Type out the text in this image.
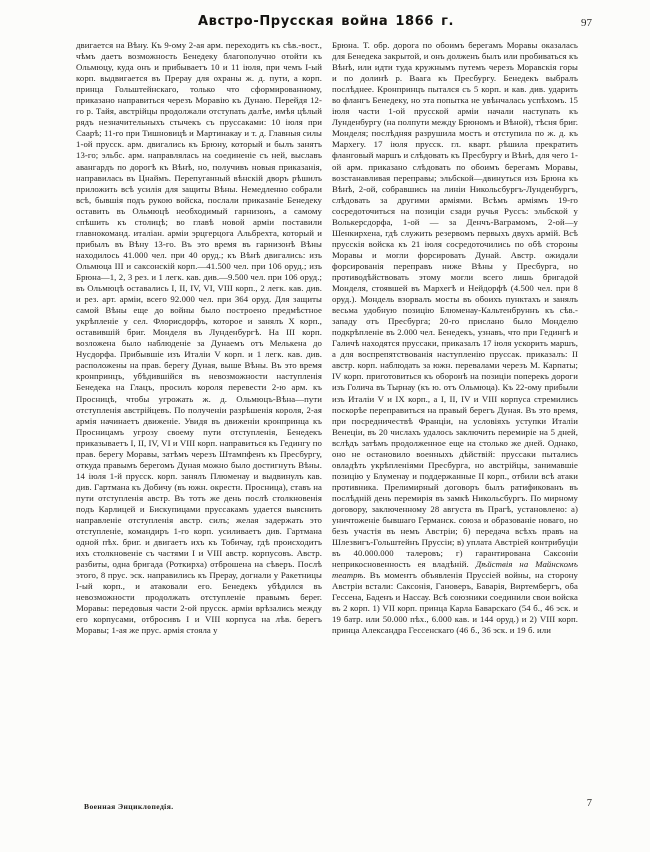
Австро-Прусская война 1866 г.	97
двигается на Вѣну. Къ 9-ому 2-ая арм. переходитъ къ сѣв.-вост., чѣмъ даетъ возможность Бенедеку благополучно отойти къ Ольмюцу, куда онъ и прибываетъ 10 и 11 іюля, при чемъ I-ый корп. выдвигается въ Прерау для охраны ж. д. пути, а корп. принца Гольштейнскаго, только что сформированному, приказано направиться черезъ Моравію къ Дунаю. Перейдя 12-го р. Тайя, австрійцы продолжали отступать далѣе, имѣя цѣлый рядъ незначительныхъ стычекъ съ пруссаками: 10 іюля при Саарѣ; 11-го при Тишновицѣ и Мартинакау и т. д. Главныя силы 1-ой прусск. арм. двигались къ Брюну, который и былъ занятъ 13-го; эльбс. арм. направлялась на соединеніе съ ней, выславъ авангардъ по дорогѣ къ Вѣнѣ, но, получивъ новыя приказанія, направилась въ Цнаймъ. Перепуганный вѣнскій дворъ рѣшилъ приложить всѣ усилія для защиты Вѣны. Немедленно собрали всѣ, бывшія подъ рукою войска, послали приказаніе Бенедеку оставить въ Ольмюцѣ необходимый гарнизонъ, а самому спѣшить къ столицѣ; во главѣ новой арміи поставили главнокоманд. италіан. арміи эрцгерцога Альбрехта, который и прибылъ въ Вѣну 13-го. Въ это время въ гарнизонѣ Вѣны находилось 41.000 чел. при 40 оруд.; къ Вѣнѣ двигались: изъ Ольмюца III и саксонскій корп.—41.500 чел. при 106 оруд.; изъ Брюна—1, 2, 3 рез. и 1 легк. кав. див.—9.500 чел. при 106 оруд.; въ Ольмюцѣ оставались I, II, IV, VI, VIII корп., 2 легк. кав. див. и рез. арт. арміи, всего 92.000 чел. при 364 оруд. Для защиты самой Вѣны еще до войны было построено предмѣстное укрѣпленіе у сел. Флорисдорфъ, которое и занялъ X корп., оставившій бриг. Монделя въ Лунденбургѣ. На III корп. возложена было наблюденіе за Дунаемъ отъ Мелькена до Нусдорфа. Прибывшіе изъ Италіи V корп. и 1 легк. кав. див. расположены на прав. берегу Дуная, выше Вѣны. Въ это время кронпринцъ, убѣдившійся въ невозможности наступленія Бенедека на Глацъ, просилъ короля перевести 2-ю арм. къ Просницѣ, чтобы угрожать ж. д. Ольмюцъ-Вѣна—пути отступленія австрійцевъ. По полученіи разрѣшенія короля, 2-ая армія начинаетъ движеніе. Увидя въ движеніи кронпринца къ Просницамъ угрозу своему пути отступленія, Бенедекъ приказываетъ I, II, IV, VI и VIII корп. направиться къ Гедингу по прав. берегу Моравы, затѣмъ черезъ Штампфенъ къ Пресбургу, откуда правымъ берегомъ Дуная можно было достигнуть Вѣны. 14 іюля 1-й прусск. корп. занялъ Плюменау и выдвинулъ кав. див. Гартмана къ Добичу (въ южн. окрестн. Просница), ставъ на пути отступленія австр. Въ тотъ же день послѣ столкновенія подъ Карлицей и Бискупицами пруссакамъ удается выяснить направленіе отступленія австр. силъ; желая задержать это отступленіе, командиръ 1-го корп. усиливаетъ див. Гартмана одной пѣх. бриг. и двигаетъ ихъ къ Тобичау, гдѣ происходитъ ихъ столкновеніе съ частями I и VIII австр. корпусовъ. Австр. разбиты, одна бригада (Роткирха) отброшена на сѣверъ. Послѣ этого, 8 прус. эск. направились къ Прерау, догнали у Ракетницы I-ый корп., и атаковали его. Бенедекъ убѣдился въ невозможности продолжать отступленіе правымъ берег. Моравы: передовыя части 2-ой прусск. арміи врѣзались между его корпусами, отбросивъ I и VIII корпуса на лѣв. берегъ Моравы; 1-ая же прус. армія стояла у
Брюна. Т. обр. дорога по обоимъ берегамъ Моравы оказалась для Бенедека закрытой, и онъ долженъ былъ или пробиваться къ Вѣнѣ, или идти туда кружнымъ путемъ черезъ Моравскія горы и по долинѣ р. Ваага къ Пресбургу. Бенедекъ выбралъ послѣднее. Кронпринцъ пытался съ 5 корп. и кав. див. ударить во флангъ Бенедеку, но эта попытка не увѣнчалась успѣхомъ. 15 іюля части 1-ой прусской арміи начали наступать къ Лунденбургу (на полпути между Брюномъ и Вѣной), тѣсня бриг. Монделя; послѣдняя разрушила мостъ и отступила по ж. д. къ Мархегу. 17 іюля прусск. гл. кварт. рѣшила прекратить фланговый маршъ и слѣдовать къ Пресбургу и Вѣнѣ, для чего 1-ой арм. приказано слѣдовать по обоимъ берегамъ Моравы, возстанавливая переправы; эльбской—двинуться изъ Брюна къ Вѣнѣ, 2-ой, собравшись на линіи Никольсбургъ-Лунденбургъ, слѣдовать за другими арміями. Всѣмъ арміямъ 19-го сосредоточиться на позиціи сзади ручья Руссъ: эльбской у Волькерсдорфа, 1-ой — за Денчъ-Ваграмомъ, 2-ой—у Шенкирхена, гдѣ служить резервомъ первыхъ двухъ армій. Всѣ прусскія войска къ 21 іюля сосредоточились по обѣ стороны Моравы и могли форсировать Дунай. Австр. ожидали форсированія переправъ ниже Вѣны у Пресбурга, но противодѣйствовать этому могли всего лишь бригадой Монделя, стоявшей въ Мархегѣ и Нейдорфѣ (4.500 чел. при 8 оруд.). Мондель взорвалъ мосты въ обоихъ пунктахъ и занялъ весьма удобную позицію Блюменау-Кальтенбруннъ къ сѣв.-западу отъ Пресбурга; 20-го прислано было Монделю подкрѣпленіе въ 2.000 чел. Бенедекъ, узнавъ, что при Гедингѣ и Галичѣ находятся пруссаки, приказалъ 17 іюля ускорить маршъ, а для воспрепятствованія наступленію пруссак. приказалъ: II австр. корп. наблюдать за южн. перевалами черезъ М. Карпаты; IV корп. приготовиться къ оборонѣ на позиціи поперекъ дороги изъ Голича въ Тырнау (къ ю. отъ Ольмюца). Къ 22-ому прибыли изъ Италіи V и IX корп., а I, II, IV и VIII корпуса стремились поскорѣе переправиться на правый берегъ Дуная. Въ это время, при посредничествѣ Франціи, на условіяхъ уступки Италіи Венеціи, въ 20 числахъ удалось заключить перемиріе на 5 дней, вслѣдъ затѣмъ продолженное еще на столько же дней. Однако, оно не остановило военныхъ дѣйствій: пруссаки пытались овладѣть укрѣпленіями Пресбурга, но австрійцы, занимавшіе позицію у Блуменау и поддержанные II корп., отбили всѣ атаки противника. Прелимирный договоръ былъ ратификованъ въ послѣдній день перемирія въ замкѣ Никольсбургъ. По мирному договору, заключенному 28 августа въ Прагѣ, установлено: а) уничтоженіе бывшаго Германск. союза и образованіе новаго, но безъ участія въ немъ Австріи; б) передача всѣхъ правъ на Шлезвигъ-Гольштейнъ Пруссіи; в) уплата Австріей контрибуціи въ 40.000.000 талеровъ; г) гарантирована Саксоніи неприкосновенность ея владѣній. Дѣйствія на Майнскомъ театрѣ. Въ моментъ объявленія Пруссіей войны, на сторону Австріи встали: Саксонія, Гановеръ, Баварія, Виртембергъ, оба Гессена, Баденъ и Нассау. Всѣ союзники соединили свои войска въ 2 корп. 1) VII корп. принца Карла Баварскаго (54 б., 46 эск. и 19 батр. или 50.000 пѣх., 6.000 кав. и 144 оруд.) и 2) VIII корп. принца Александра Гессенскаго (46 б., 36 эск. и 19 б. или
Военная Энциклопедія.	7
